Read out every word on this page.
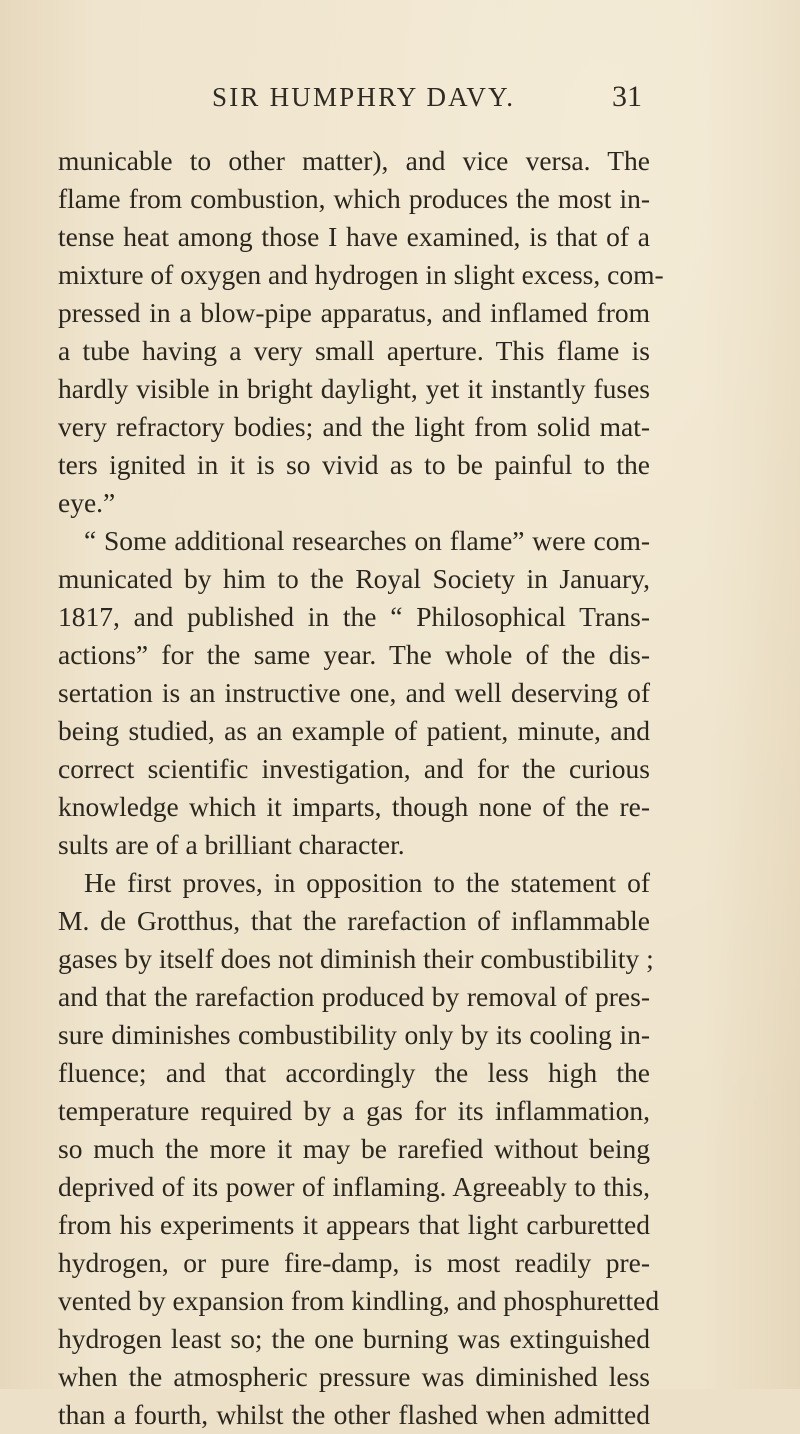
SIR HUMPHRY DAVY.	31
municable to other matter), and vice versa. The
flame from combustion, which produces the most in-
tense heat among those I have examined, is that of a
mixture of oxygen and hydrogen in slight excess, com-
pressed in a blow-pipe apparatus, and inflamed from
a tube having a very small aperture. This flame is
hardly visible in bright daylight, yet it instantly fuses
very refractory bodies; and the light from solid mat-
ters ignited in it is so vivid as to be painful to the
eye.”
“ Some additional researches on flame” were com-
municated by him to the Royal Society in January,
1817, and published in the “ Philosophical Trans-
actions” for the same year. The whole of the dis-
sertation is an instructive one, and well deserving of
being studied, as an example of patient, minute, and
correct scientific investigation, and for the curious
knowledge which it imparts, though none of the re-
sults are of a brilliant character.
He first proves, in opposition to the statement of
M. de Grotthus, that the rarefaction of inflammable
gases by itself does not diminish their combustibility ;
and that the rarefaction produced by removal of pres-
sure diminishes combustibility only by its cooling in-
fluence; and that accordingly the less high the
temperature required by a gas for its inflammation,
so much the more it may be rarefied without being
deprived of its power of inflaming. Agreeably to this,
from his experiments it appears that light carburetted
hydrogen, or pure fire-damp, is most readily pre-
vented by expansion from kindling, and phosphuretted
hydrogen least so; the one burning was extinguished
when the atmospheric pressure was diminished less
than a fourth, whilst the other flashed when admitted
